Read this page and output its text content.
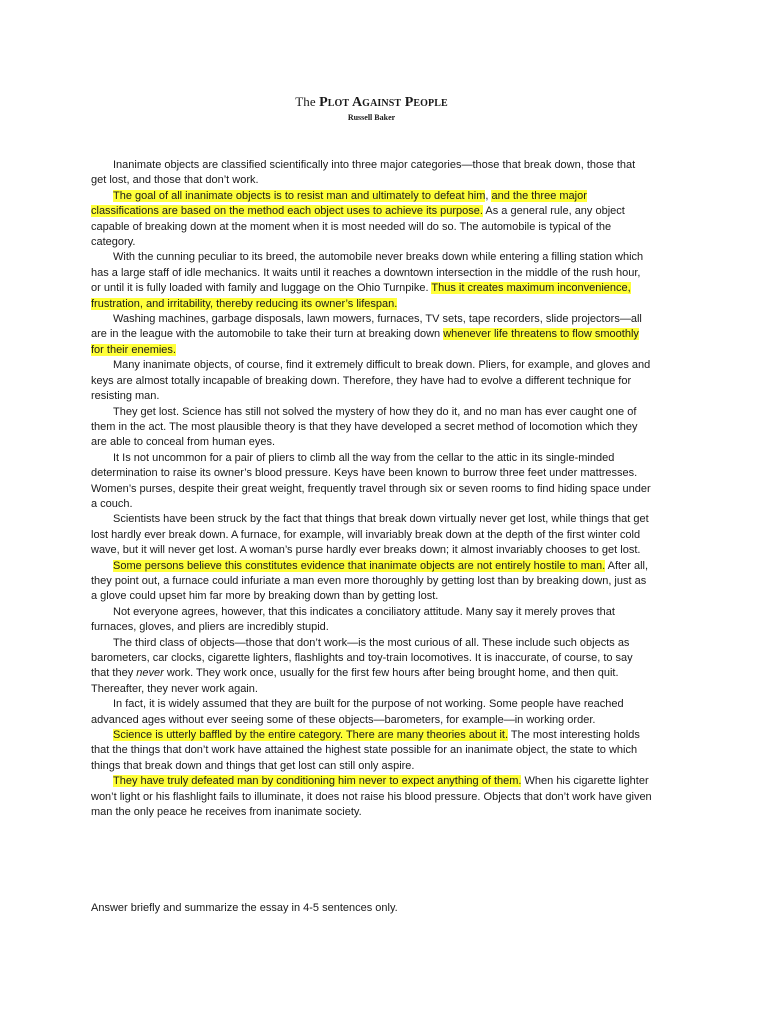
The Plot Against People

Russell Baker

Inanimate objects are classified scientifically into three major categories—those that break down, those that get lost, and those that don’t work.

The goal of all inanimate objects is to resist man and ultimately to defeat him, and the three major classifications are based on the method each object uses to achieve its purpose. As a general rule, any object capable of breaking down at the moment when it is most needed will do so. The automobile is typical of the category.

With the cunning peculiar to its breed, the automobile never breaks down while entering a filling station which has a large staff of idle mechanics. It waits until it reaches a downtown intersection in the middle of the rush hour, or until it is fully loaded with family and luggage on the Ohio Turnpike. Thus it creates maximum inconvenience, frustration, and irritability, thereby reducing its owner’s lifespan.

Washing machines, garbage disposals, lawn mowers, furnaces, TV sets, tape recorders, slide projectors—all are in the league with the automobile to take their turn at breaking down whenever life threatens to flow smoothly for their enemies.

Many inanimate objects, of course, find it extremely difficult to break down. Pliers, for example, and gloves and keys are almost totally incapable of breaking down. Therefore, they have had to evolve a different technique for resisting man.

They get lost. Science has still not solved the mystery of how they do it, and no man has ever caught one of them in the act. The most plausible theory is that they have developed a secret method of locomotion which they are able to conceal from human eyes.

It Is not uncommon for a pair of pliers to climb all the way from the cellar to the attic in its single-minded determination to raise its owner’s blood pressure. Keys have been known to burrow three feet under mattresses. Women’s purses, despite their great weight, frequently travel through six or seven rooms to find hiding space under a couch.

Scientists have been struck by the fact that things that break down virtually never get lost, while things that get lost hardly ever break down. A furnace, for example, will invariably break down at the depth of the first winter cold wave, but it will never get lost. A woman’s purse hardly ever breaks down; it almost invariably chooses to get lost.

Some persons believe this constitutes evidence that inanimate objects are not entirely hostile to man. After all, they point out, a furnace could infuriate a man even more thoroughly by getting lost than by breaking down, just as a glove could upset him far more by breaking down than by getting lost.

Not everyone agrees, however, that this indicates a conciliatory attitude. Many say it merely proves that furnaces, gloves, and pliers are incredibly stupid.

The third class of objects—those that don’t work—is the most curious of all. These include such objects as barometers, car clocks, cigarette lighters, flashlights and toy-train locomotives. It is inaccurate, of course, to say that they never work. They work once, usually for the first few hours after being brought home, and then quit. Thereafter, they never work again.

In fact, it is widely assumed that they are built for the purpose of not working. Some people have reached advanced ages without ever seeing some of these objects—barometers, for example—in working order.

Science is utterly baffled by the entire category. There are many theories about it. The most interesting holds that the things that don’t work have attained the highest state possible for an inanimate object, the state to which things that break down and things that get lost can still only aspire.

They have truly defeated man by conditioning him never to expect anything of them. When his cigarette lighter won’t light or his flashlight fails to illuminate, it does not raise his blood pressure. Objects that don’t work have given man the only peace he receives from inanimate society.

Answer briefly and summarize the essay in 4-5 sentences only.
